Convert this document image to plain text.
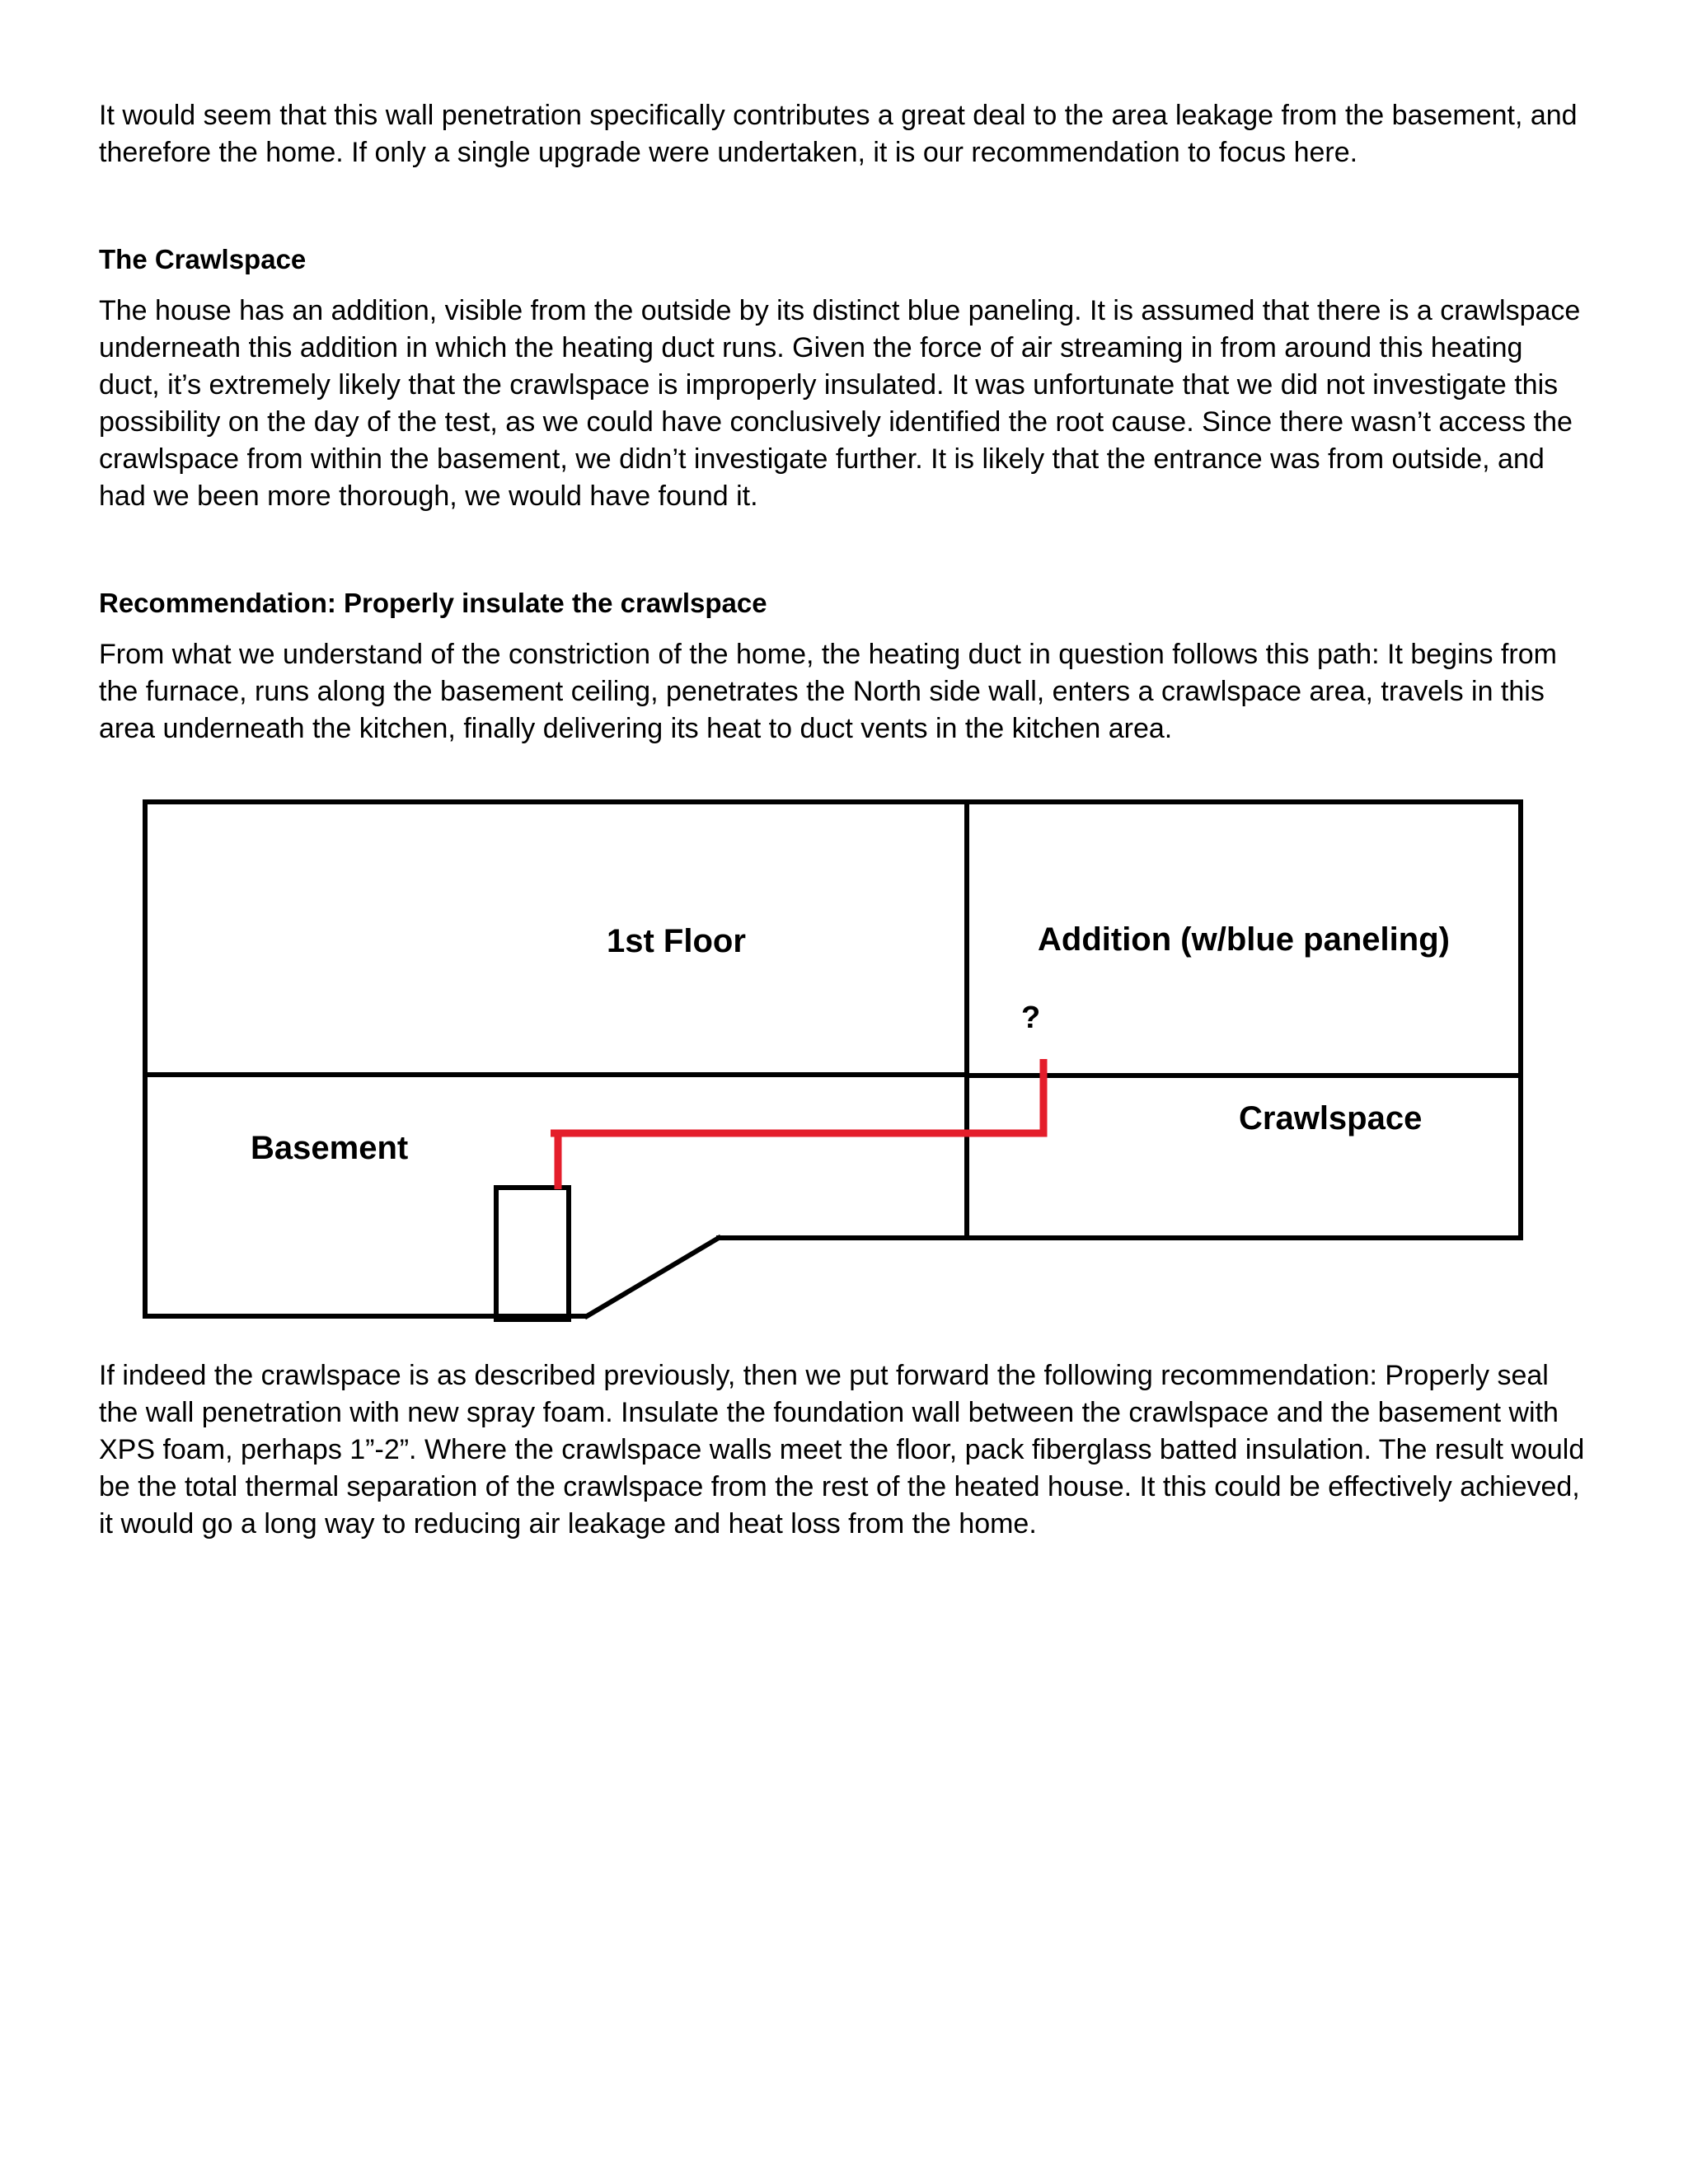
It would seem that this wall penetration specifically contributes a great deal to the area leakage from the basement, and therefore the home. If only a single upgrade were undertaken, it is our recommendation to focus here.

The Crawlspace

The house has an addition, visible from the outside by its distinct blue paneling. It is assumed that there is a crawlspace underneath this addition in which the heating duct runs. Given the force of air streaming in from around this heating duct, it’s extremely likely that the crawlspace is improperly insulated. It was unfortunate that we did not investigate this possibility on the day of the test, as we could have conclusively identified the root cause. Since there wasn’t access the crawlspace from within the basement, we didn’t investigate further. It is likely that the entrance was from outside, and had we been more thorough, we would have found it.

Recommendation: Properly insulate the crawlspace

From what we understand of the constriction of the home, the heating duct in question follows this path: It begins from the furnace, runs along the basement ceiling, penetrates the North side wall, enters a crawlspace area, travels in this area underneath the kitchen, finally delivering its heat to duct vents in the kitchen area.

1st Floor	Addition (w/blue paneling)
?
Basement
Crawlspace

If indeed the crawlspace is as described previously, then we put forward the following recommendation: Properly seal the wall penetration with new spray foam. Insulate the foundation wall between the crawlspace and the basement with XPS foam, perhaps 1”-2”. Where the crawlspace walls meet the floor, pack fiberglass batted insulation. The result would be the total thermal separation of the crawlspace from the rest of the heated house. It this could be effectively achieved, it would go a long way to reducing air leakage and heat loss from the home.
